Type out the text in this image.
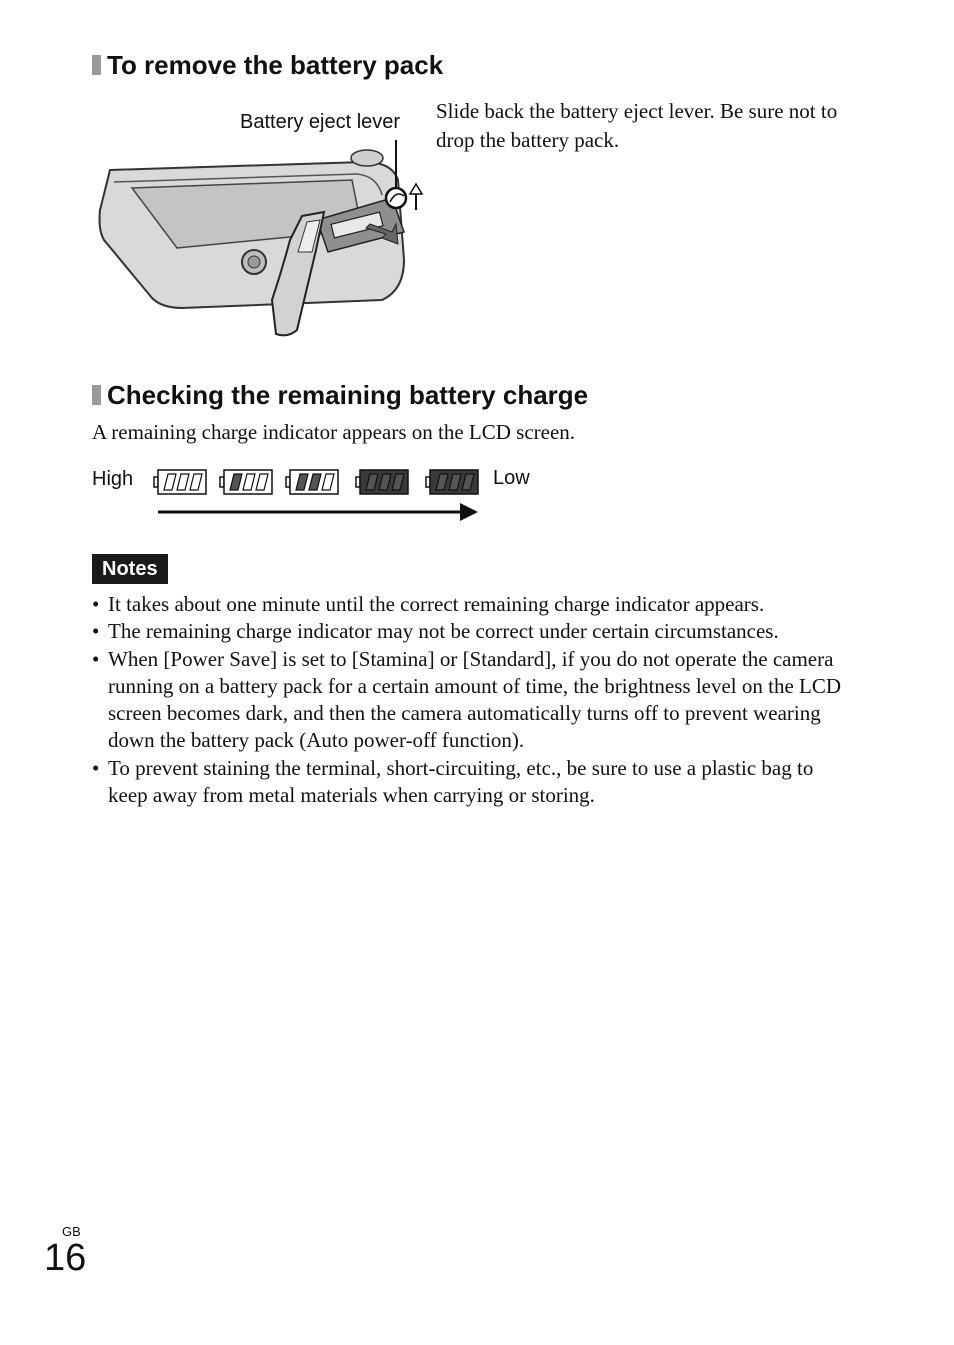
To remove the battery pack
Battery eject lever Slide back the battery eject lever. Be sure not to drop the battery pack.
Checking the remaining battery charge
A remaining charge indicator appears on the LCD screen.
High	Low
Notes
• It takes about one minute until the correct remaining charge indicator appears.
• The remaining charge indicator may not be correct under certain circumstances.
• When [Power Save] is set to [Stamina] or [Standard], if you do not operate the camera running on a battery pack for a certain amount of time, the brightness level on the LCD screen becomes dark, and then the camera automatically turns off to prevent wearing down the battery pack (Auto power-off function).
• To prevent staining the terminal, short-circuiting, etc., be sure to use a plastic bag to keep away from metal materials when carrying or storing.
GB
16
